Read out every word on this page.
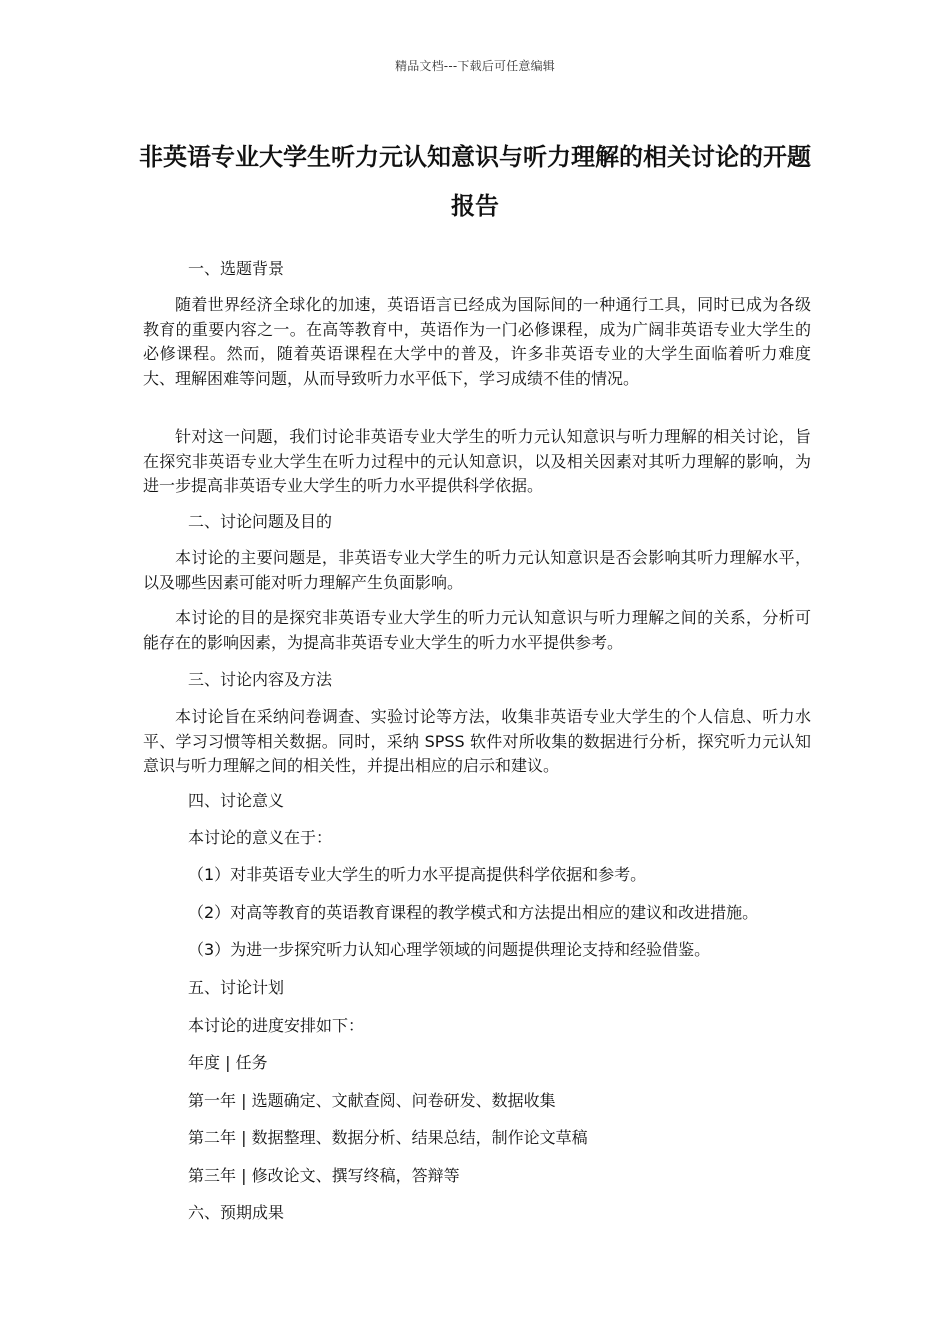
精品文档---下载后可任意编辑
非英语专业大学生听力元认知意识与听力理解的相关讨论的开题报告
一、选题背景

随着世界经济全球化的加速，英语语言已经成为国际间的一种通行工具，同时已成为各级教育的重要内容之一。在高等教育中，英语作为一门必修课程，成为广阔非英语专业大学生的必修课程。然而，随着英语课程在大学中的普及，许多非英语专业的大学生面临着听力难度大、理解困难等问题，从而导致听力水平低下，学习成绩不佳的情况。

针对这一问题，我们讨论非英语专业大学生的听力元认知意识与听力理解的相关讨论，旨在探究非英语专业大学生在听力过程中的元认知意识，以及相关因素对其听力理解的影响，为进一步提高非英语专业大学生的听力水平提供科学依据。

二、讨论问题及目的

本讨论的主要问题是，非英语专业大学生的听力元认知意识是否会影响其听力理解水平，以及哪些因素可能对听力理解产生负面影响。

本讨论的目的是探究非英语专业大学生的听力元认知意识与听力理解之间的关系，分析可能存在的影响因素，为提高非英语专业大学生的听力水平提供参考。

三、讨论内容及方法

本讨论旨在采纳问卷调查、实验讨论等方法，收集非英语专业大学生的个人信息、听力水平、学习习惯等相关数据。同时，采纳 SPSS 软件对所收集的数据进行分析，探究听力元认知意识与听力理解之间的相关性，并提出相应的启示和建议。

四、讨论意义
本讨论的意义在于：
（1）对非英语专业大学生的听力水平提高提供科学依据和参考。
（2）对高等教育的英语教育课程的教学模式和方法提出相应的建议和改进措施。
（3）为进一步探究听力认知心理学领域的问题提供理论支持和经验借鉴。
五、讨论计划
本讨论的进度安排如下：
年度 | 任务
第一年 | 选题确定、文献查阅、问卷研发、数据收集
第二年 | 数据整理、数据分析、结果总结，制作论文草稿
第三年 | 修改论文、撰写终稿，答辩等
六、预期成果
